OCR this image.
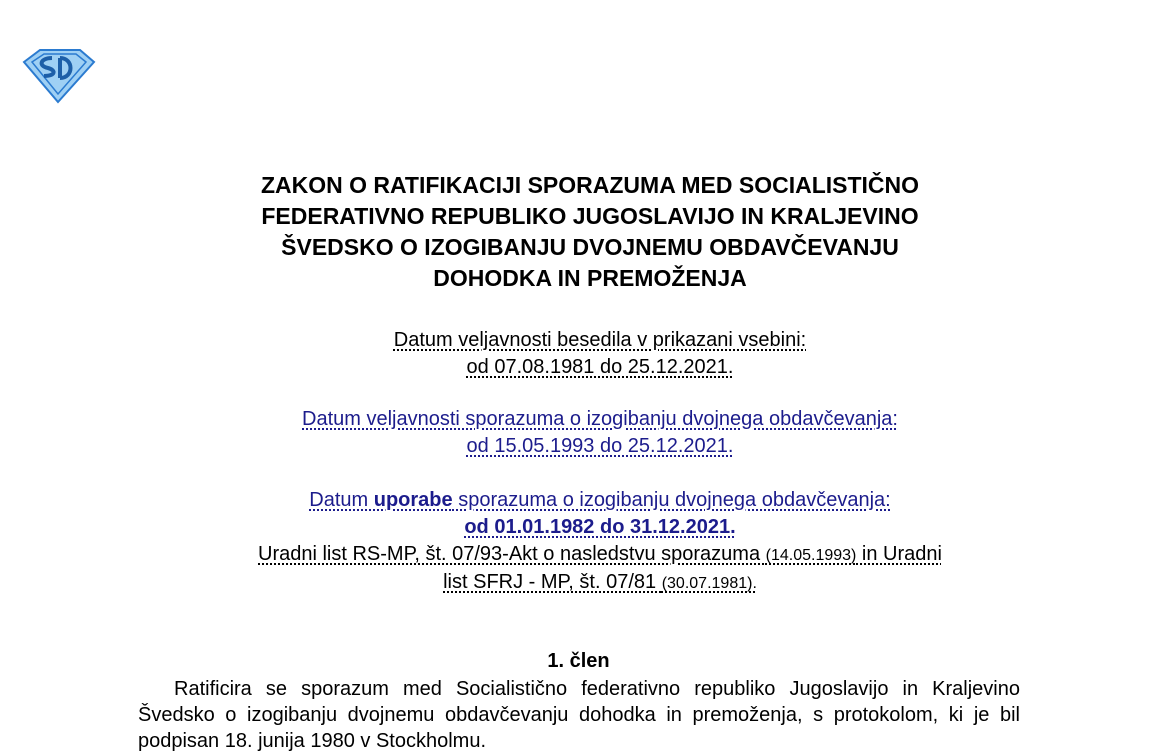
ZAKON O RATIFIKACIJI SPORAZUMA MED SOCIALISTIČNO
FEDERATIVNO REPUBLIKO JUGOSLAVIJO IN KRALJEVINO
ŠVEDSKO O IZOGIBANJU DVOJNEMU OBDAVČEVANJU
DOHODKA IN PREMOŽENJA
Datum veljavnosti besedila v prikazani vsebini:
od 07.08.1981 do 25.12.2021.
Datum veljavnosti sporazuma o izogibanju dvojnega obdavčevanja:
od 15.05.1993 do 25.12.2021.
Datum uporabe sporazuma o izogibanju dvojnega obdavčevanja:
od 01.01.1982 do 31.12.2021.
Uradni list RS-MP, št. 07/93-Akt o nasledstvu sporazuma (14.05.1993) in Uradni
list SFRJ - MP, št. 07/81 (30.07.1981).
1. člen

Ratificira se sporazum med Socialistično federativno republiko Jugoslavijo in Kraljevino Švedsko o izogibanju dvojnemu obdavčevanju dohodka in premoženja, s protokolom, ki je bil podpisan 18. junija 1980 v Stockholmu.
